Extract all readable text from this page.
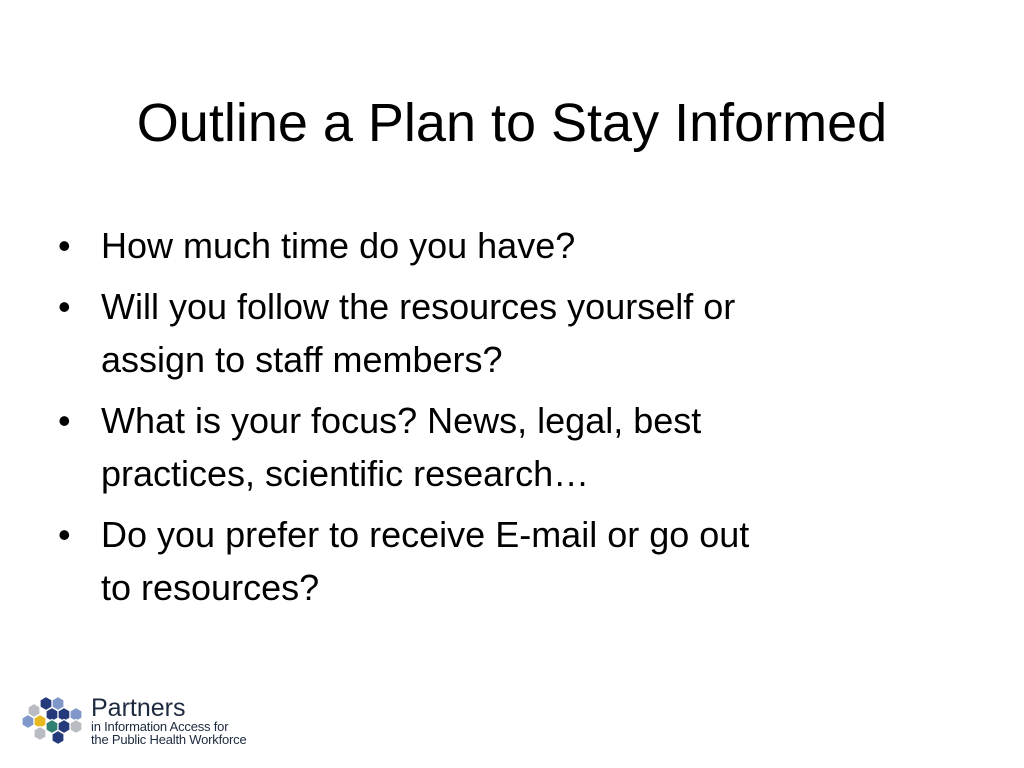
Outline a Plan to Stay Informed
• How much time do you have?
• Will you follow the resources yourself or
assign to staff members?
• What is your focus? News, legal, best
practices, scientific research…
• Do you prefer to receive E-mail or go out
to resources?
Partners
in Information Access for
the Public Health Workforce
